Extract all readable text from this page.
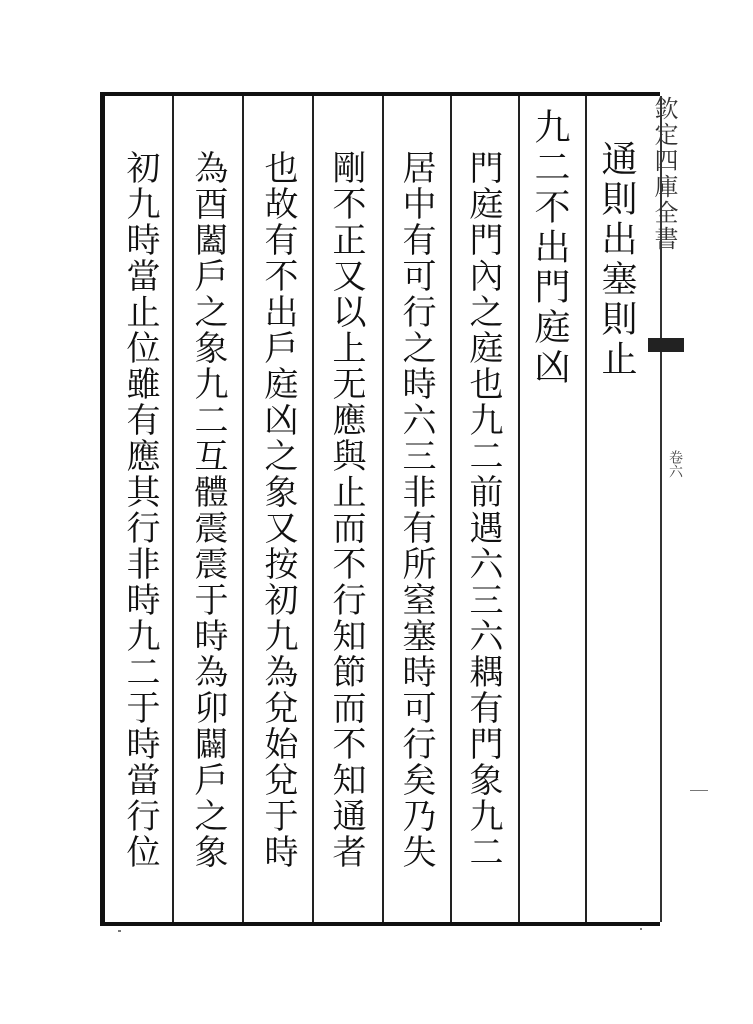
通則出塞則止
九二不出門庭凶
門庭門內之庭也九二前遇六三六耦有門象九二
居中有可行之時六三非有所窒塞時可行矣乃失
剛不正又以上无應與止而不行知節而不知通者
也故有不出戶庭凶之象又按初九為兌始兌于時
為酉闔戶之象九二互體震震于時為卯闢戶之象
初九時當止位雖有應其行非時九二于時當行位	欽定四庫全書
卷六
